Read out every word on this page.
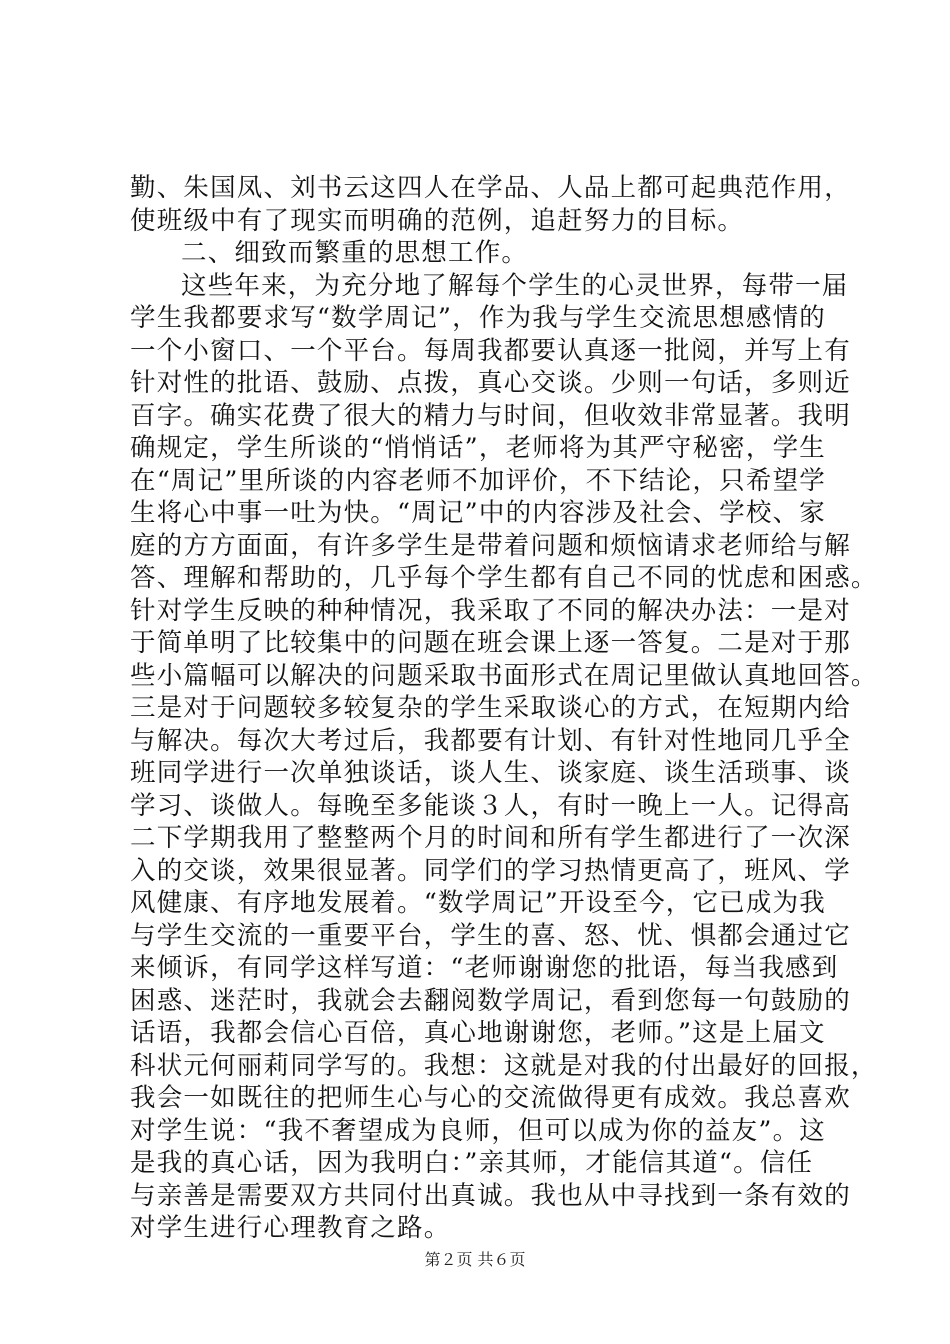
勤、朱国凤、刘书云这四人在学品、人品上都可起典范作用，
使班级中有了现实而明确的范例，追赶努力的目标。
二、细致而繁重的思想工作。
这些年来，为充分地了解每个学生的心灵世界，每带一届
学生我都要求写“数学周记”，作为我与学生交流思想感情的
一个小窗口、一个平台。每周我都要认真逐一批阅，并写上有
针对性的批语、鼓励、点拨，真心交谈。少则一句话，多则近
百字。确实花费了很大的精力与时间，但收效非常显著。我明
确规定，学生所谈的“悄悄话”，老师将为其严守秘密，学生
在“周记”里所谈的内容老师不加评价，不下结论，只希望学
生将心中事一吐为快。“周记”中的内容涉及社会、学校、家
庭的方方面面，有许多学生是带着问题和烦恼请求老师给与解
答、理解和帮助的，几乎每个学生都有自己不同的忧虑和困惑。
针对学生反映的种种情况，我采取了不同的解决办法：一是对
于简单明了比较集中的问题在班会课上逐一答复。二是对于那
些小篇幅可以解决的问题采取书面形式在周记里做认真地回答。
三是对于问题较多较复杂的学生采取谈心的方式，在短期内给
与解决。每次大考过后，我都要有计划、有针对性地同几乎全
班同学进行一次单独谈话，谈人生、谈家庭、谈生活琐事、谈
学习、谈做人。每晚至多能谈３人，有时一晚上一人。记得高
二下学期我用了整整两个月的时间和所有学生都进行了一次深
入的交谈，效果很显著。同学们的学习热情更高了，班风、学
风健康、有序地发展着。“数学周记”开设至今，它已成为我
与学生交流的一重要平台，学生的喜、怒、忧、惧都会通过它
来倾诉，有同学这样写道：“老师谢谢您的批语，每当我感到
困惑、迷茫时，我就会去翻阅数学周记，看到您每一句鼓励的
话语，我都会信心百倍，真心地谢谢您，老师。”这是上届文
科状元何丽莉同学写的。我想：这就是对我的付出最好的回报，
我会一如既往的把师生心与心的交流做得更有成效。我总喜欢
对学生说：“我不奢望成为良师，但可以成为你的益友”。这
是我的真心话，因为我明白：”亲其师，才能信其道“。信任
与亲善是需要双方共同付出真诚。我也从中寻找到一条有效的
对学生进行心理教育之路。
第２页 共６页
